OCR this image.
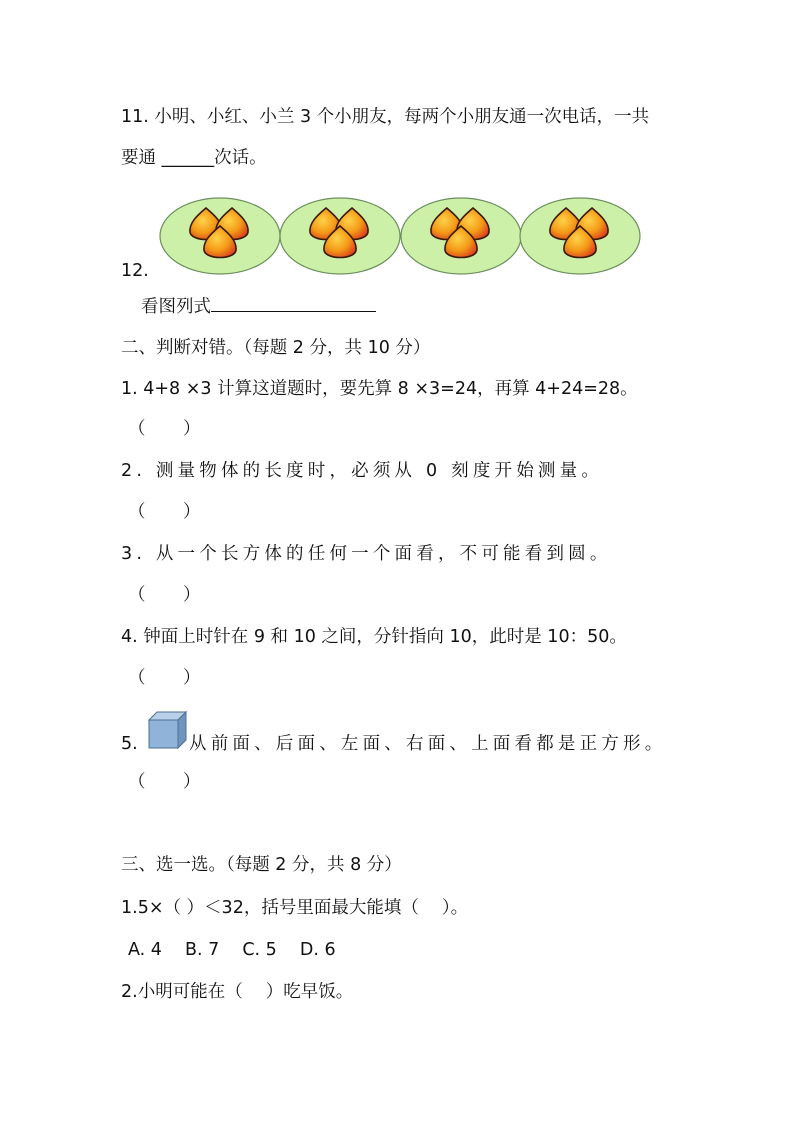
11. 小明、小红、小兰 3 个小朋友，每两个小朋友通一次电话，一共
要通 ______次话。
12.
看图列式
二、判断对错。（每题 2 分，共 10 分）
1. 4+8 ×3 计算这道题时，要先算 8 ×3=24，再算 4+24=28。
（　）
2. 测量物体的长度时，必须从 0 刻度开始测量。
（　）
3. 从一个长方体的任何一个面看，不可能看到圆。
（　）
4. 钟面上时针在 9 和 10 之间，分针指向 10，此时是 10：50。
（　）
5.	从前面、后面、左面、右面、上面看都是正方形。
（　）
三、选一选。（每题 2 分，共 8 分）
1.5×（ ）＜32，括号里面最大能填（　 ）。
A. 4　 B. 7　 C. 5　 D. 6
2.小明可能在（　 ）吃早饭。
